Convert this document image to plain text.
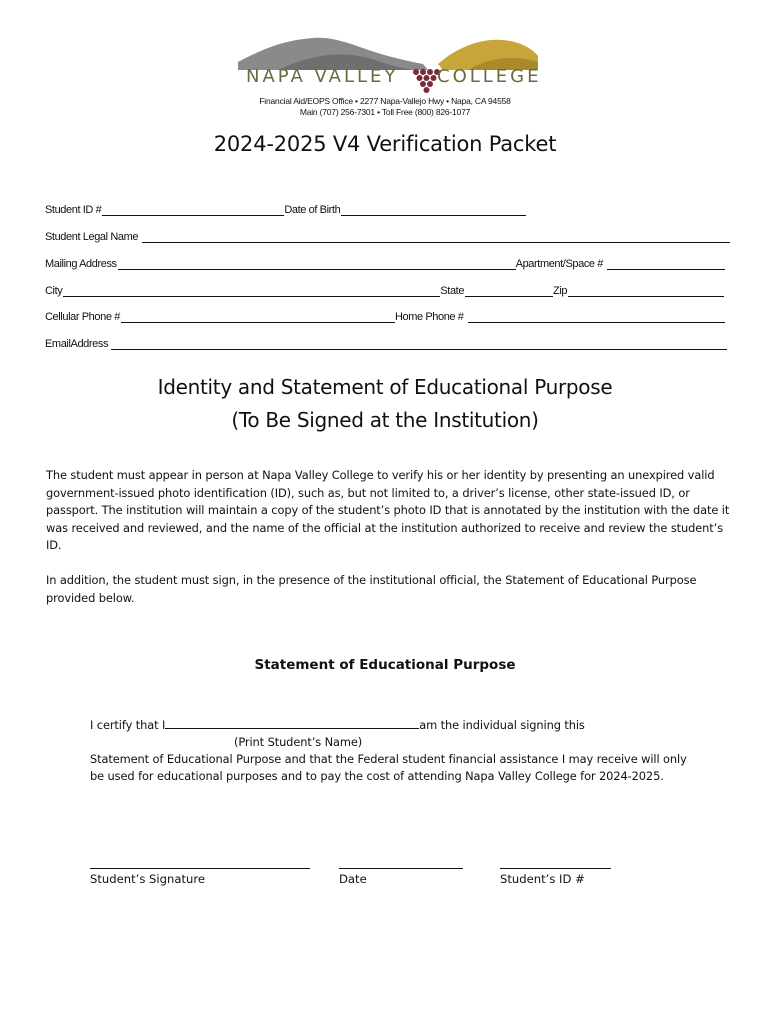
NAPA VALLEY COLLEGE
Financial Aid/EOPS Office • 2277 Napa-Vallejo Hwy • Napa, CA 94558
Main (707) 256-7301 • Toll Free (800) 826-1077
2024-2025 V4 Verification Packet
Student ID #	Date of Birth
Student Legal Name
Mailing Address	Apartment/Space #
City	State	Zip
Cellular Phone #	Home Phone #
EmailAddress
Identity and Statement of Educational Purpose
(To Be Signed at the Institution)

The student must appear in person at Napa Valley College to verify his or her identity by presenting an unexpired valid government-issued photo identification (ID), such as, but not limited to, a driver’s license, other state-issued ID, or passport. The institution will maintain a copy of the student’s photo ID that is annotated by the institution with the date it was received and reviewed, and the name of the official at the institution authorized to receive and review the student’s ID.

In addition, the student must sign, in the presence of the institutional official, the Statement of Educational Purpose provided below.

Statement of Educational Purpose
I certify that I	am the individual signing this
(Print Student’s Name)
Statement of Educational Purpose and that the Federal student financial assistance I may receive will only
be used for educational purposes and to pay the cost of attending Napa Valley College for 2024-2025.
Student’s Signature	Date	Student’s ID #
